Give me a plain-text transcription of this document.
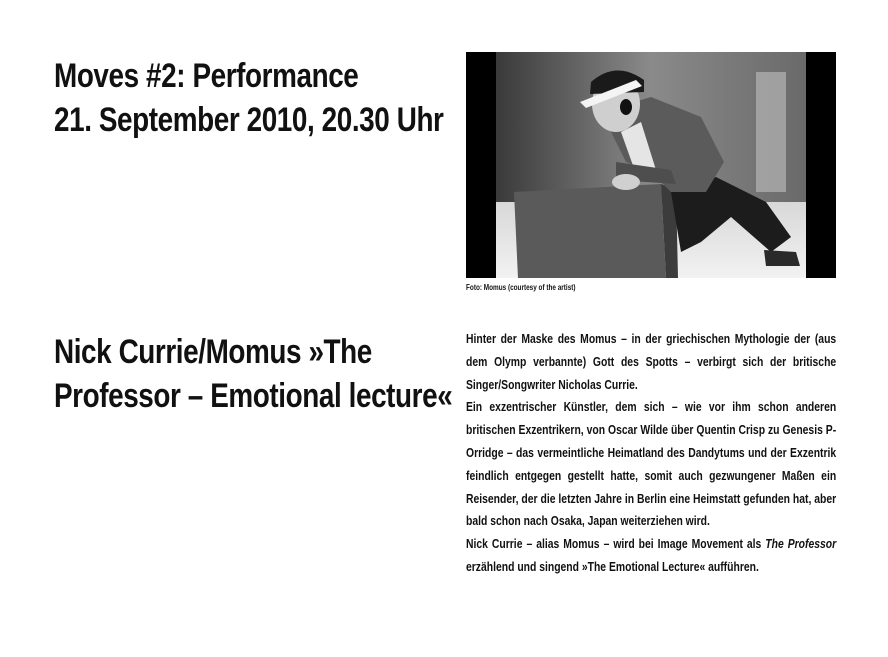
Moves #2: Performance
21. September 2010, 20.30 Uhr

Foto: Momus (courtesy of the artist)

Nick Currie/Momus »The
Professor – Emotional lecture«

Hinter der Maske des Momus – in der griechischen Mythologie der (aus dem Olymp verbannte) Gott des Spotts – verbirgt sich der britische Singer/Songwriter Nicholas Currie.

Ein exzentrischer Künstler, dem sich – wie vor ihm schon anderen britischen Exzentrikern, von Oscar Wilde über Quentin Crisp zu Genesis P-Orridge – das vermeintliche Heimatland des Dandytums und der Exzentrik feindlich entgegen gestellt hatte, somit auch gezwungener Maßen ein Reisender, der die letzten Jahre in Berlin eine Heimstatt gefunden hat, aber bald schon nach Osaka, Japan weiterziehen wird.

Nick Currie – alias Momus – wird bei Image Movement als The Professor erzählend und singend »The Emotional Lecture« aufführen.
